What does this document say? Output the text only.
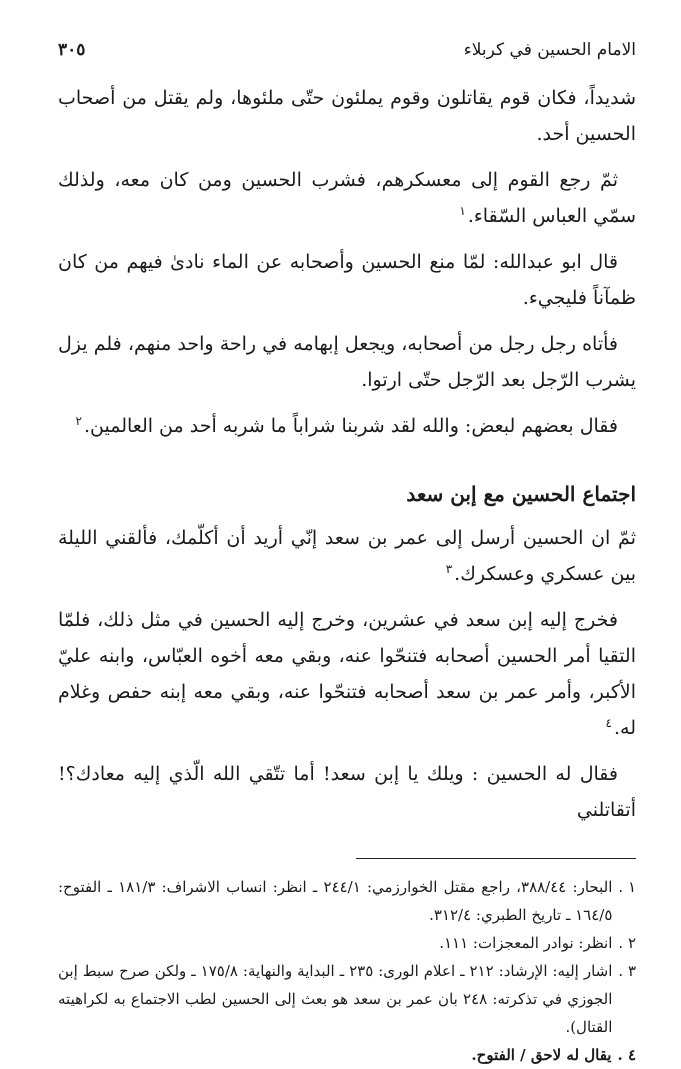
الامام الحسين في كربلاء
٣٠٥

شديداً، فكان قوم يقاتلون وقوم يملئون حتّى ملئوها، ولم يقتل من أصحاب الحسين أحد.

ثمّ رجع القوم إلى معسكرهم، فشرب الحسين ومن كان معه، ولذلك سمّي العباس السّقاء.$^١$

قال ابو عبدالله: لمّا منع الحسين وأصحابه عن الماء نادىٰ فيهم من كان ظمآناً فليجيء.

فأتاه رجل رجل من أصحابه، ويجعل إبهامه في راحة واحد منهم، فلم يزل يشرب الرّجل بعد الرّجل حتّى ارتوا.

فقال بعضهم لبعض: والله لقد شربنا شراباً ما شربه أحد من العالمين.$^٢$

اجتماع الحسين مع إبن سعد

ثمّ ان الحسين أرسل إلى عمر بن سعد إنّي أريد أن أكلّمك، فألقني الليلة بين عسكري وعسكرك.$^٣$

فخرج إليه إبن سعد في عشرين، وخرج إليه الحسين في مثل ذلك، فلمّا التقيا أمر الحسين أصحابه فتنحّوا عنه، وبقي معه أخوه العبّاس، وابنه عليّ الأكبر، وأمر عمر بن سعد أصحابه فتنحّوا عنه، وبقي معه إبنه حفص وغلام له.$^٤$

فقال له الحسين : ويلك يا إبن سعد! أما تتّقي الله الّذي إليه معادك؟! أتقاتلني

١ .
البحار: ٣٨٨/٤٤، راجع مقتل الخوارزمي: ٢٤٤/١ ـ انظر: انساب الاشراف: ١٨١/٣ ـ الفتوح: ١٦٤/٥ ـ تاريخ الطبري: ٣١٢/٤.
٢ .
انظر: نوادر المعجزات: ١١١.
٣ .
اشار إليه: الإرشاد: ٢١٢ ـ اعلام الورى: ٢٣٥ ـ البداية والنهاية: ١٧٥/٨ ـ ولكن صرح سبط إبن الجوزي في تذكرته: ٢٤٨ بان عمر بن سعد هو بعث إلى الحسين لطب الاجتماع به لكراهيته القتال).
٤ .
يقال له لاحق / الفتوح.
